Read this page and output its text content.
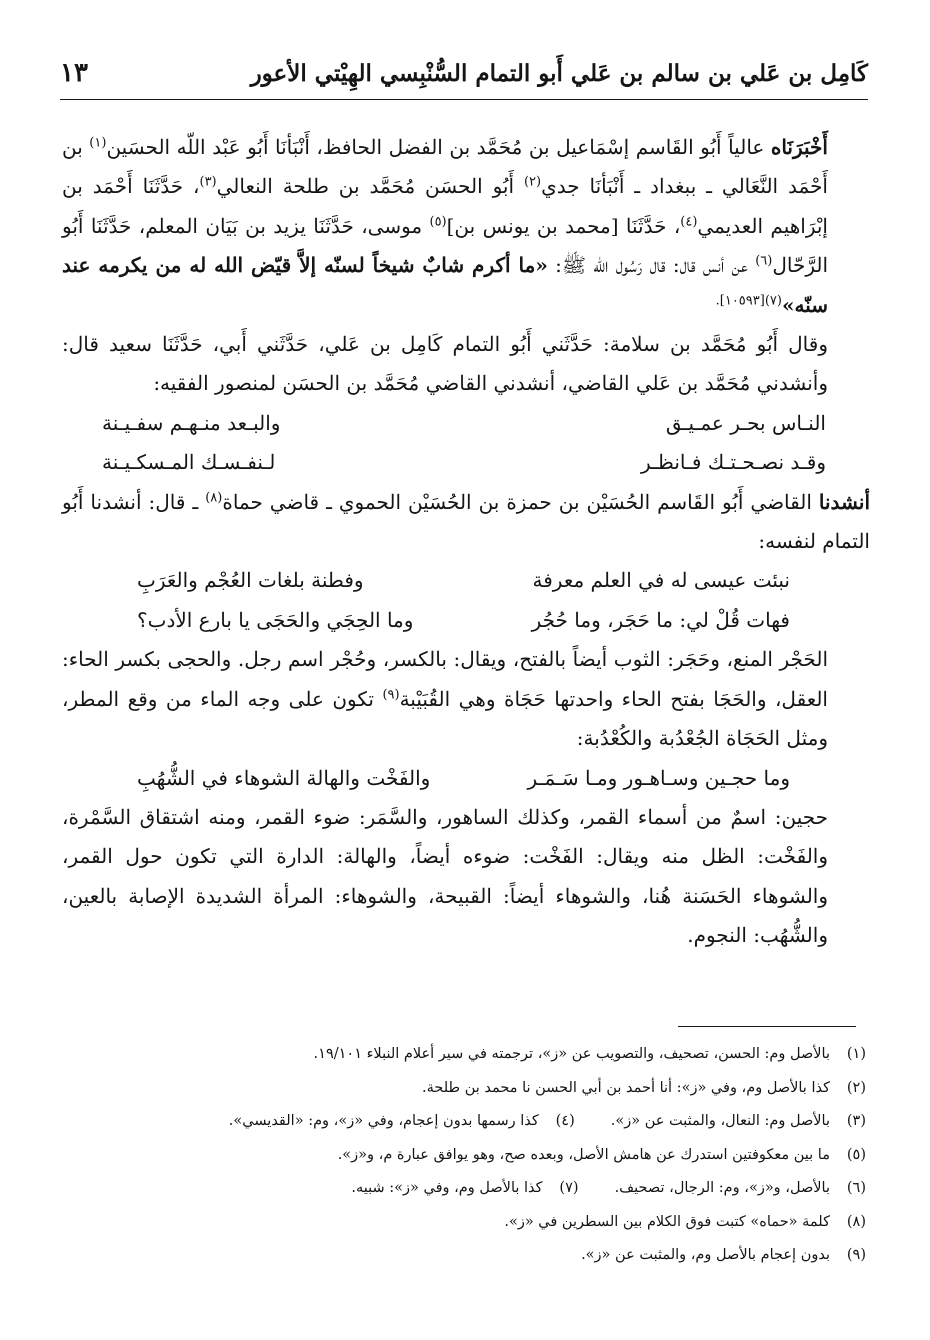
كَامِل بن عَلي بن سالم بن عَلي أَبو التمام السُّنْبِسي الهِيْتي الأعور
١٣

أَخْبَرَنَاه عالياً أَبُو القَاسم إسْمَاعيل بن مُحَمَّد بن الفضل الحافظ، أَنْبَأنَا أَبُو عَبْد اللّه الحسَين$^{(١)}$ بن أَحْمَد النَّعَالي ـ ببغداد ـ أَنْبَأنَا جدي$^{(٢)}$ أَبُو الحسَن مُحَمَّد بن طلحة النعالي$^{(٣)}$، حَدَّثَنَا أَحْمَد بن إبْرَاهيم العديمي$^{(٤)}$، حَدَّثَنَا [محمد بن يونس بن]$^{(٥)}$ موسى، حَدَّثَنَا يزيد بن بَيَان المعلم، حَدَّثَنَا أَبُو الرَّحّال$^{(٦)}$ عن أنس قال: قال رَسُول اللّه ﷺ: «ما أكرم شابٌ شيخاً لسنّه إلاَّ قيّض الله له من يكرمه عند سنّه»$^{(٧)[١٠٥٩٣].}$

وقال أَبُو مُحَمَّد بن سلامة: حَدَّثَني أَبُو التمام كَامِل بن عَلي، حَدَّثَني أَبي، حَدَّثَنَا سعيد قال: وأنشدني مُحَمَّد بن عَلي القاضي، أنشدني القاضي مُحَمَّد بن الحسَن لمنصور الفقيه:

النـاس بحـر عمـيـق
والبـعد منـهـم سفـيـنة
وقـد نصـحـتـك فـانظـر
لـنفـسـك المـسكـيـنة

أنشدنا القاضي أَبُو القَاسم الحُسَيْن بن حمزة بن الحُسَيْن الحموي ـ قاضي حماة$^{(٨)}$ ـ قال: أنشدنا أَبُو التمام لنفسه:

نبئت عيسى له في العلم معرفة
وفطنة بلغات العُجْم والعَرَبِ
فهات قُلْ لي: ما حَجَر، وما حُجُر
وما الحِجَي والحَجَى يا بارع الأدب؟

الحَجْر المنع، وحَجَر: الثوب أيضاً بالفتح، ويقال: بالكسر، وحُجْر اسم رجل. والحجى بكسر الحاء: العقل، والحَجَا بفتح الحاء واحدتها حَجَاة وهي القُبَيْبة$^{(٩)}$ تكون على وجه الماء من وقع المطر، ومثل الحَجَاة الجُعْدُبة والكُعْدُبة:

وما حجـين وسـاهـور ومـا سَـمَـر
والفَخْت والهالة الشوهاء في الشُّهُبِ

حجين: اسمٌ من أسماء القمر، وكذلك الساهور، والسَّمَر: ضوء القمر، ومنه اشتقاق السَّمْرة، والفَخْت: الظل منه ويقال: الفَخْت: ضوءه أيضاً، والهالة: الدارة التي تكون حول القمر، والشوهاء الحَسَنة هُنا، والشوهاء أيضاً: القبيحة، والشوهاء: المرأة الشديدة الإصابة بالعين، والشُّهُب: النجوم.

(١)بالأصل وم: الحسن، تصحيف، والتصويب عن «ز»، ترجمته في سير أعلام النبلاء ١٩/١٠١.
(٢)كذا بالأصل وم، وفي «ز»: أنا أحمد بن أبي الحسن نا محمد بن طلحة.
(٣)بالأصل وم: النعال، والمثبت عن «ز».
(٤)كذا رسمها بدون إعجام، وفي «ز»، وم: «القديسي».
(٥)ما بين معكوفتين استدرك عن هامش الأصل، وبعده صح، وهو يوافق عبارة م، و«ز».
(٦)بالأصل، و«ز»، وم: الرجال، تصحيف.
(٧)كذا بالأصل وم، وفي «ز»: شبيه.
(٨)كلمة «حماه» كتبت فوق الكلام بين السطرين في «ز».
(٩)بدون إعجام بالأصل وم، والمثبت عن «ز».
